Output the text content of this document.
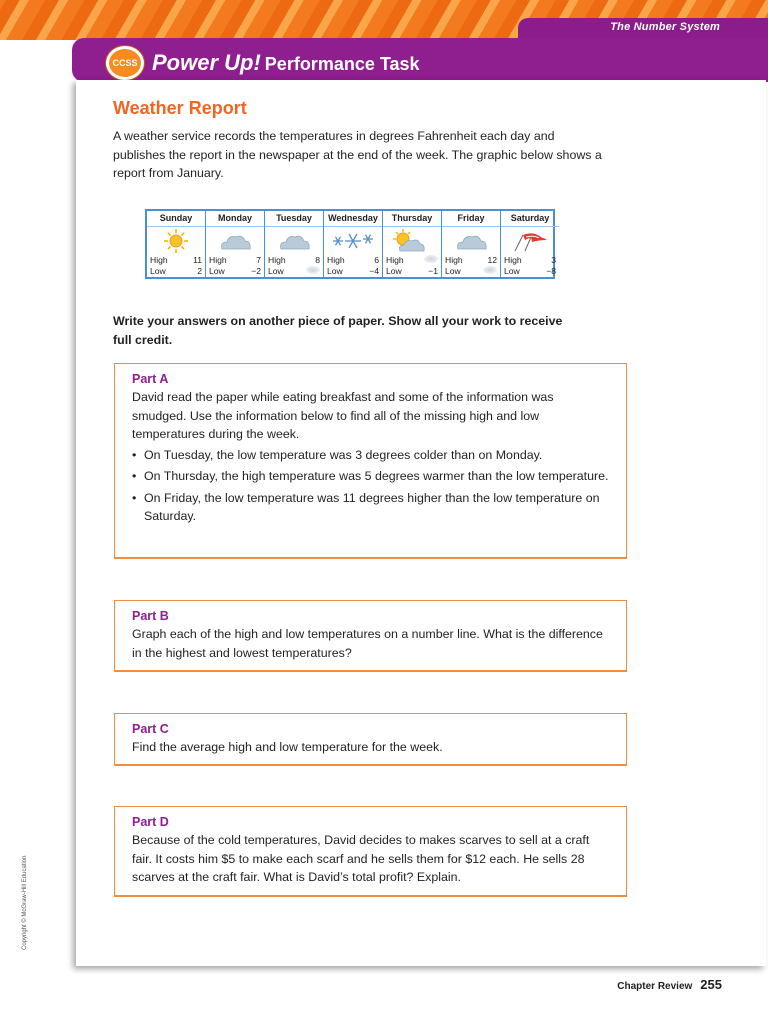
The Number System
CCSS Power Up! Performance Task
Copyright © McGraw-Hill Education
Weather Report

A weather service records the temperatures in degrees Fahrenheit each day and publishes the report in the newspaper at the end of the week. The graphic below shows a report from January.

Sunday
High	11
Low	2
Monday
High	7
Low	−2
Tuesday
High	8
Low
Wednesday
High	6
Low	−4
Thursday
High
Low	−1
Friday
High	12
Low
Saturday
High	3
Low	−8

Write your answers on another piece of paper. Show all your work to receive full credit.

Part A

David read the paper while eating breakfast and some of the information was smudged. Use the information below to find all of the missing high and low temperatures during the week.

• On Tuesday, the low temperature was 3 degrees colder than on Monday.
• On Thursday, the high temperature was 5 degrees warmer than the low temperature.
• On Friday, the low temperature was 11 degrees higher than the low temperature on Saturday.
Part B

Graph each of the high and low temperatures on a number line. What is the difference in the highest and lowest temperatures?

Part C

Find the average high and low temperature for the week.

Part D

Because of the cold temperatures, David decides to makes scarves to sell at a craft fair. It costs him $5 to make each scarf and he sells them for $12 each. He sells 28 scarves at the craft fair. What is David’s total profit? Explain.

Chapter Review 255
